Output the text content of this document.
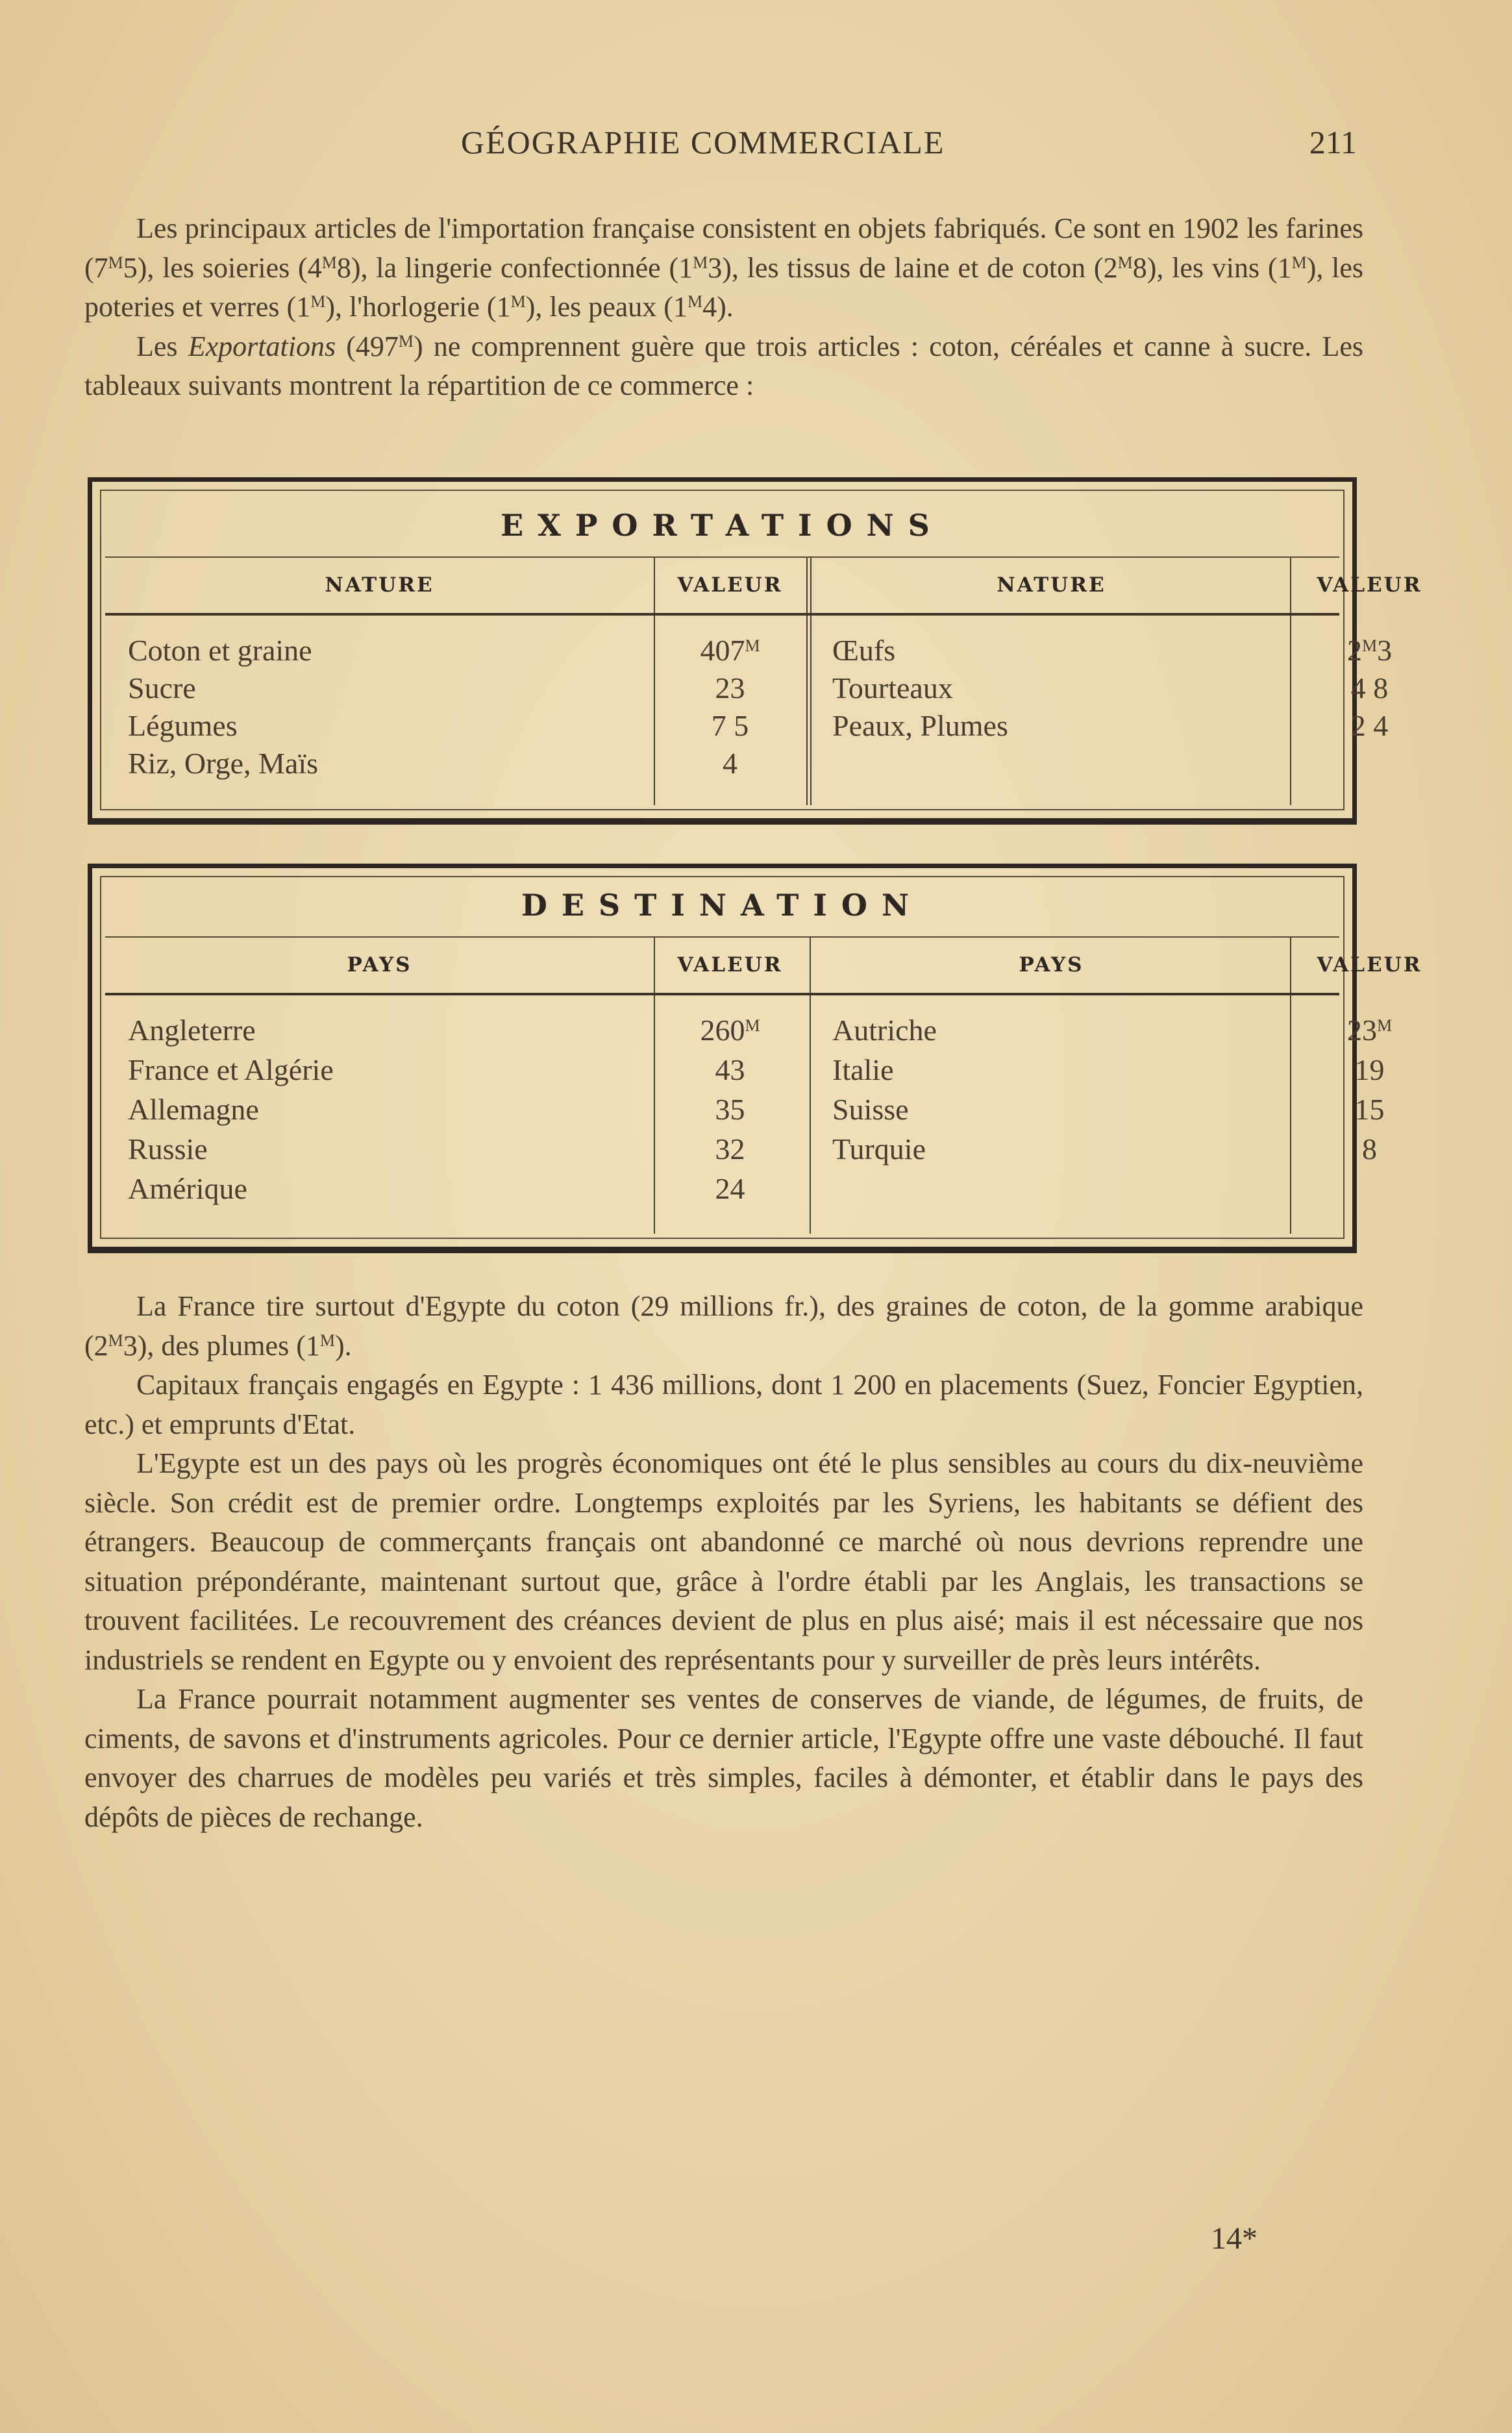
GÉOGRAPHIE COMMERCIALE	211

Les principaux articles de l'importation française consistent en objets fabriqués. Ce sont en 1902 les farines $(7^M5)$, les soieries $(4^M8)$, la lingerie confectionnée $(1^M3)$, les tissus de laine et de coton $(2^M8)$, les vins $(1^M)$, les poteries et verres $(1^M)$, l'horlogerie $(1^M)$, les peaux $(1^M4)$.

Les Exportations $(497^M)$ ne comprennent guère que trois articles : coton, céréales et canne à sucre. Les tableaux suivants montrent la répartition de ce commerce :

EXPORTATIONS
NATURE	VALEUR	NATURE	VALEUR
Coton et graine	$407^M$	Œufs	$2^M3$
Sucre	23	Tourteaux	4 8
Légumes	7 5	Peaux, Plumes	2 4
Riz, Orge, Maïs	4
DESTINATION
PAYS	VALEUR	PAYS	VALEUR
Angleterre	$260^M$	Autriche	$23^M$
France et Algérie	43	Italie	19
Allemagne	35	Suisse	15
Russie	32	Turquie	8
Amérique	24

La France tire surtout d'Egypte du coton (29 millions fr.), des graines de coton, de la gomme arabique $(2^M3)$, des plumes $(1^M)$.

Capitaux français engagés en Egypte : 1 436 millions, dont 1 200 en placements (Suez, Foncier Egyptien, etc.) et emprunts d'Etat.

L'Egypte est un des pays où les progrès économiques ont été le plus sensibles au cours du dix-neuvième siècle. Son crédit est de premier ordre. Longtemps exploités par les Syriens, les habitants se défient des étrangers. Beaucoup de commerçants français ont abandonné ce marché où nous devrions reprendre une situation prépondérante, maintenant surtout que, grâce à l'ordre établi par les Anglais, les transactions se trouvent facilitées. Le recouvrement des créances devient de plus en plus aisé; mais il est nécessaire que nos industriels se rendent en Egypte ou y envoient des représentants pour y surveiller de près leurs intérêts.

La France pourrait notamment augmenter ses ventes de conserves de viande, de légumes, de fruits, de ciments, de savons et d'instruments agricoles. Pour ce dernier article, l'Egypte offre une vaste débouché. Il faut envoyer des charrues de modèles peu variés et très simples, faciles à démonter, et établir dans le pays des dépôts de pièces de rechange.

14*
